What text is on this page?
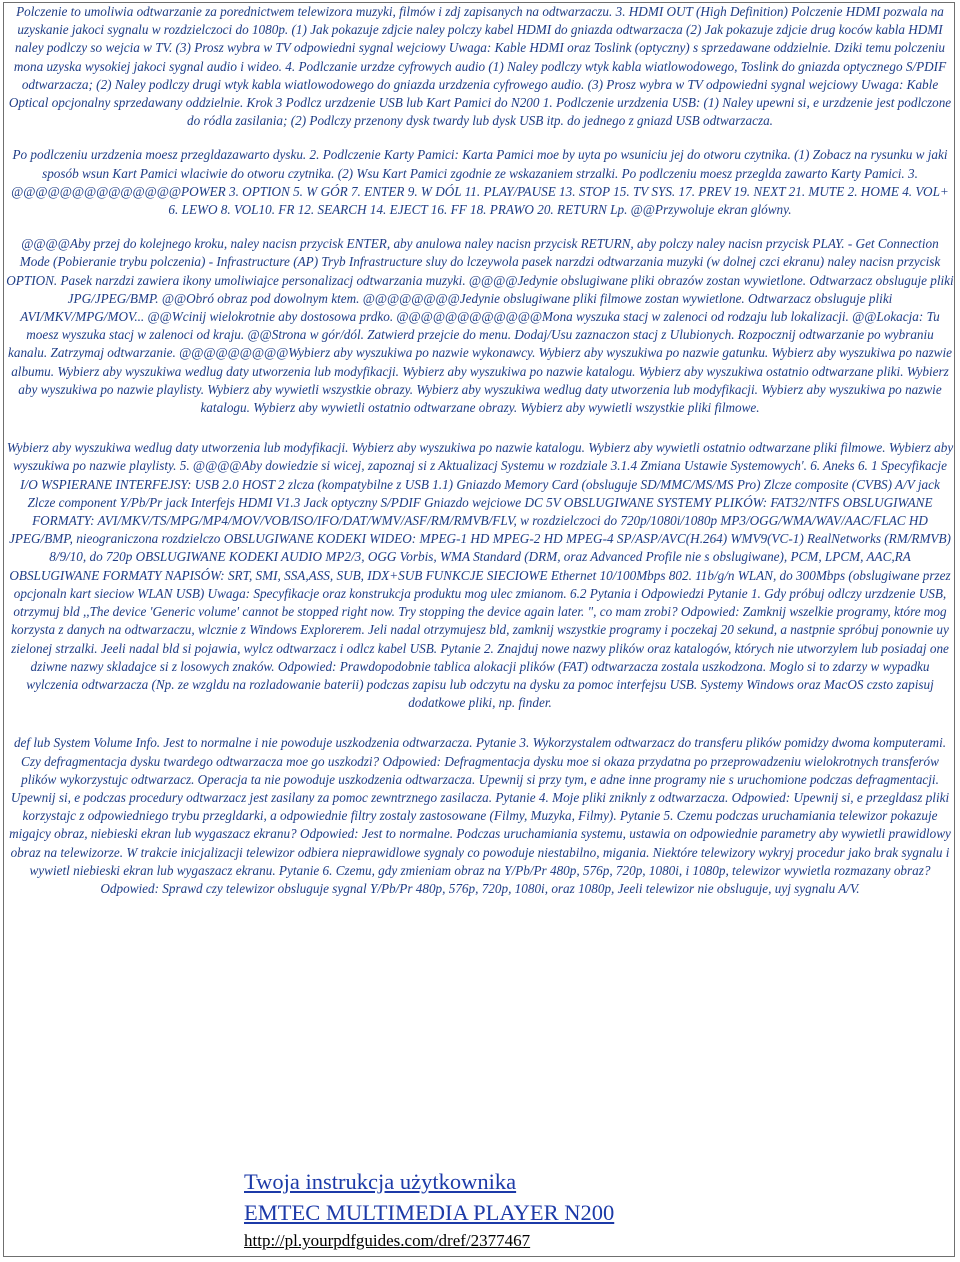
Polczenie to umoliwia odtwarzanie za porednictwem telewizora muzyki, filmów i zdj zapisanych na odtwarzaczu. 3. HDMI OUT (High Definition) Polczenie HDMI pozwala na uzyskanie jakoci sygnalu w rozdzielczoci do 1080p. (1) Jak pokazuje zdjcie naley polczy kabel HDMI do gniazda odtwarzacza (2) Jak pokazuje zdjcie drug koców kabla HDMI naley podlczy so wejcia w TV. (3) Prosz wybra w TV odpowiedni sygnal wejciowy Uwaga: Kable HDMI oraz Toslink (optyczny) s sprzedawane oddzielnie. Dziki temu polczeniu mona uzyska wysokiej jakoci sygnal audio i wideo. 4. Podlczanie urzdze cyfrowych audio (1) Naley podlczy wtyk kabla wiatlowodowego, Toslink do gniazda optycznego S/PDIF odtwarzacza; (2) Naley podlczy drugi wtyk kabla wiatlowodowego do gniazda urzdzenia cyfrowego audio. (3) Prosz wybra w TV odpowiedni sygnal wejciowy Uwaga: Kable Optical opcjonalny sprzedawany oddzielnie. Krok 3 Podlcz urzdzenie USB lub Kart Pamici do N200 1. Podlczenie urzdzenia USB: (1) Naley upewni si, e urzdzenie jest podlczone do ródla zasilania; (2) Podlczy przenony dysk twardy lub dysk USB itp. do jednego z gniazd USB odtwarzacza.

Po podlczeniu urzdzenia moesz przegldazawarto dysku. 2. Podlczenie Karty Pamici: Karta Pamici moe by uyta po wsuniciu jej do otworu czytnika. (1) Zobacz na rysunku w jaki sposób wsun Kart Pamici wlaciwie do otworu czytnika. (2) Wsu Kart Pamici zgodnie ze wskazaniem strzalki. Po podlczeniu moesz przeglda zawarto Karty Pamici. 3. @@@@@@@@@@@@@@POWER 3. OPTION 5. W GÓR 7. ENTER 9. W DÓL 11. PLAY/PAUSE 13. STOP 15. TV SYS. 17. PREV 19. NEXT 21. MUTE 2. HOME 4. VOL+ 6. LEWO 8. VOL10. FR 12. SEARCH 14. EJECT 16. FF 18. PRAWO 20. RETURN Lp. @@Przywoluje ekran glówny.

@@@@Aby przej do kolejnego kroku, naley nacisn przycisk ENTER, aby anulowa naley nacisn przycisk RETURN, aby polczy naley nacisn przycisk PLAY. - Get Connection Mode (Pobieranie trybu polczenia) - Infrastructure (AP) Tryb Infrastructure sluy do lczeywola pasek narzdzi odtwarzania muzyki (w dolnej czci ekranu) naley nacisn przycisk OPTION. Pasek narzdzi zawiera ikony umoliwiajce personalizacj odtwarzania muzyki. @@@@Jedynie obslugiwane pliki obrazów zostan wywietlone. Odtwarzacz obsluguje pliki JPG/JPEG/BMP. @@Obró obraz pod dowolnym ktem. @@@@@@@@Jedynie obslugiwane pliki filmowe zostan wywietlone. Odtwarzacz obsluguje pliki AVI/MKV/MPG/MOV... @@Wcinij wielokrotnie aby dostosowa prdko. @@@@@@@@@@@@Mona wyszuka stacj w zalenoci od rodzaju lub lokalizacji. @@Lokacja: Tu moesz wyszuka stacj w zalenoci od kraju. @@Strona w gór/dól. Zatwierd przejcie do menu. Dodaj/Usu zaznaczon stacj z Ulubionych. Rozpocznij odtwarzanie po wybraniu kanalu. Zatrzymaj odtwarzanie. @@@@@@@@@Wybierz aby wyszukiwa po nazwie wykonawcy. Wybierz aby wyszukiwa po nazwie gatunku. Wybierz aby wyszukiwa po nazwie albumu. Wybierz aby wyszukiwa wedlug daty utworzenia lub modyfikacji. Wybierz aby wyszukiwa po nazwie katalogu. Wybierz aby wyszukiwa ostatnio odtwarzane pliki. Wybierz aby wyszukiwa po nazwie playlisty. Wybierz aby wywietli wszystkie obrazy. Wybierz aby wyszukiwa wedlug daty utworzenia lub modyfikacji. Wybierz aby wyszukiwa po nazwie katalogu. Wybierz aby wywietli ostatnio odtwarzane obrazy. Wybierz aby wywietli wszystkie pliki filmowe.

Wybierz aby wyszukiwa wedlug daty utworzenia lub modyfikacji. Wybierz aby wyszukiwa po nazwie katalogu. Wybierz aby wywietli ostatnio odtwarzane pliki filmowe. Wybierz aby wyszukiwa po nazwie playlisty. 5. @@@@Aby dowiedzie si wicej, zapoznaj si z Aktualizacj Systemu w rozdziale 3.1.4 Zmiana Ustawie Systemowych'. 6. Aneks 6. 1 Specyfikacje I/O WSPIERANE INTERFEJSY: USB 2.0 HOST 2 zlcza (kompatybilne z USB 1.1) Gniazdo Memory Card (obsluguje SD/MMC/MS/MS Pro) Zlcze composite (CVBS) A/V jack Zlcze component Y/Pb/Pr jack Interfejs HDMI V1.3 Jack optyczny S/PDIF Gniazdo wejciowe DC 5V OBSLUGIWANE SYSTEMY PLIKÓW: FAT32/NTFS OBSLUGIWANE FORMATY: AVI/MKV/TS/MPG/MP4/MOV/VOB/ISO/IFO/DAT/WMV/ASF/RM/RMVB/FLV, w rozdzielczoci do 720p/1080i/1080p MP3/OGG/WMA/WAV/AAC/FLAC HD JPEG/BMP, nieograniczona rozdzielczo OBSLUGIWANE KODEKI WIDEO: MPEG-1 HD MPEG-2 HD MPEG-4 SP/ASP/AVC(H.264) WMV9(VC-1) RealNetworks (RM/RMVB) 8/9/10, do 720p OBSLUGIWANE KODEKI AUDIO MP2/3, OGG Vorbis, WMA Standard (DRM, oraz Advanced Profile nie s obslugiwane), PCM, LPCM, AAC,RA OBSLUGIWANE FORMATY NAPISÓW: SRT, SMI, SSA,ASS, SUB, IDX+SUB FUNKCJE SIECIOWE Ethernet 10/100Mbps 802. 11b/g/n WLAN, do 300Mbps (obslugiwane przez opcjonaln kart sieciow WLAN USB) Uwaga: Specyfikacje oraz konstrukcja produktu mog ulec zmianom. 6.2 Pytania i Odpowiedzi Pytanie 1. Gdy próbuj odlczy urzdzenie USB, otrzymuj bld ,,The device 'Generic volume' cannot be stopped right now. Try stopping the device again later. ", co mam zrobi? Odpowied: Zamknij wszelkie programy, które mog korzysta z danych na odtwarzaczu, wlcznie z Windows Explorerem. Jeli nadal otrzymujesz bld, zamknij wszystkie programy i poczekaj 20 sekund, a nastpnie spróbuj ponownie uy zielonej strzalki. Jeeli nadal bld si pojawia, wylcz odtwarzacz i odlcz kabel USB. Pytanie 2. Znajduj nowe nazwy plików oraz katalogów, których nie utworzylem lub posiadaj one dziwne nazwy skladajce si z losowych znaków. Odpowied: Prawdopodobnie tablica alokacji plików (FAT) odtwarzacza zostala uszkodzona. Moglo si to zdarzy w wypadku wylczenia odtwarzacza (Np. ze wzgldu na rozladowanie baterii) podczas zapisu lub odczytu na dysku za pomoc interfejsu USB. Systemy Windows oraz MacOS czsto zapisuj dodatkowe pliki, np. finder.

def lub System Volume Info. Jest to normalne i nie powoduje uszkodzenia odtwarzacza. Pytanie 3. Wykorzystalem odtwarzacz do transferu plików pomidzy dwoma komputerami. Czy defragmentacja dysku twardego odtwarzacza moe go uszkodzi? Odpowied: Defragmentacja dysku moe si okaza przydatna po przeprowadzeniu wielokrotnych transferów plików wykorzystujc odtwarzacz. Operacja ta nie powoduje uszkodzenia odtwarzacza. Upewnij si przy tym, e adne inne programy nie s uruchomione podczas defragmentacji. Upewnij si, e podczas procedury odtwarzacz jest zasilany za pomoc zewntrznego zasilacza. Pytanie 4. Moje pliki zniknly z odtwarzacza. Odpowied: Upewnij si, e przegldasz pliki korzystajc z odpowiedniego trybu przegldarki, a odpowiednie filtry zostaly zastosowane (Filmy, Muzyka, Filmy). Pytanie 5. Czemu podczas uruchamiania telewizor pokazuje migajcy obraz, niebieski ekran lub wygaszacz ekranu? Odpowied: Jest to normalne. Podczas uruchamiania systemu, ustawia on odpowiednie parametry aby wywietli prawidlowy obraz na telewizorze. W trakcie inicjalizacji telewizor odbiera nieprawidlowe sygnaly co powoduje niestabilno, migania. Niektóre telewizory wykryj procedur jako brak sygnalu i wywietl niebieski ekran lub wygaszacz ekranu. Pytanie 6. Czemu, gdy zmieniam obraz na Y/Pb/Pr 480p, 576p, 720p, 1080i, i 1080p, telewizor wywietla rozmazany obraz? Odpowied: Sprawd czy telewizor obsluguje sygnal Y/Pb/Pr 480p, 576p, 720p, 1080i, oraz 1080p, Jeeli telewizor nie obsluguje, uyj sygnalu A/V.

Twoja instrukcja użytkownika
EMTEC MULTIMEDIA PLAYER N200
http://pl.yourpdfguides.com/dref/2377467
